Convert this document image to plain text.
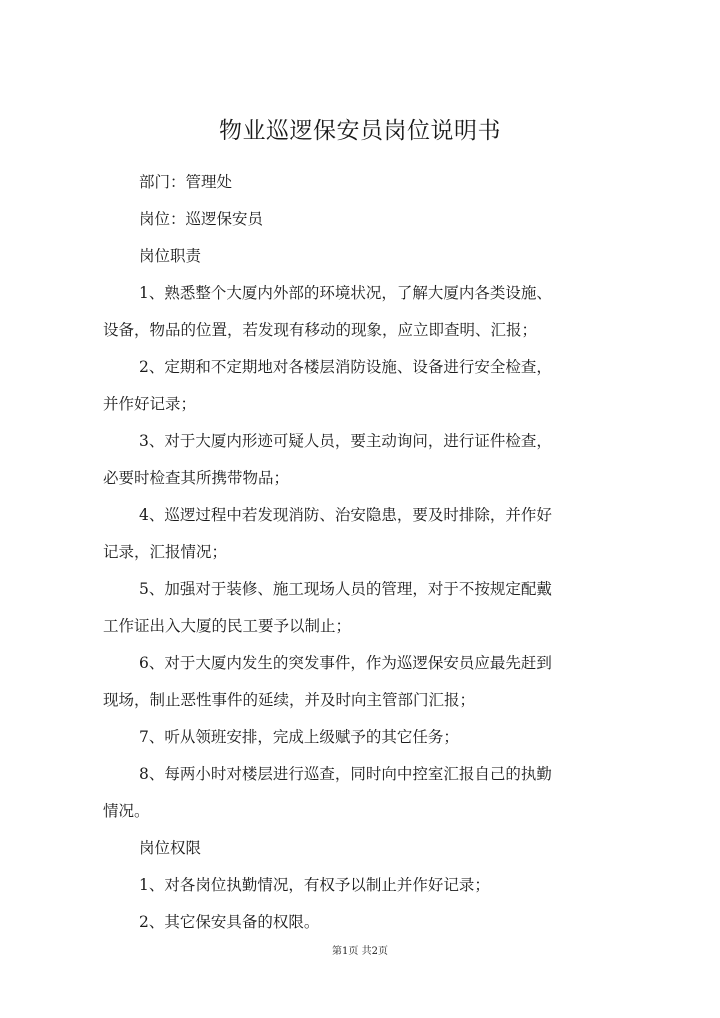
物业巡逻保安员岗位说明书

部门：管理处

岗位：巡逻保安员

岗位职责

1、熟悉整个大厦内外部的环境状况，了解大厦内各类设施、

设备，物品的位置，若发现有移动的现象，应立即查明、汇报；

2、定期和不定期地对各楼层消防设施、设备进行安全检查，

并作好记录；

3、对于大厦内形迹可疑人员，要主动询问，进行证件检查，

必要时检查其所携带物品；

4、巡逻过程中若发现消防、治安隐患，要及时排除，并作好

记录，汇报情况；

5、加强对于装修、施工现场人员的管理，对于不按规定配戴

工作证出入大厦的民工要予以制止；

6、对于大厦内发生的突发事件，作为巡逻保安员应最先赶到

现场，制止恶性事件的延续，并及时向主管部门汇报；

7、听从领班安排，完成上级赋予的其它任务；

8、每两小时对楼层进行巡查，同时向中控室汇报自己的执勤

情况。

岗位权限

1、对各岗位执勤情况，有权予以制止并作好记录；

2、其它保安具备的权限。

第1页 共2页
